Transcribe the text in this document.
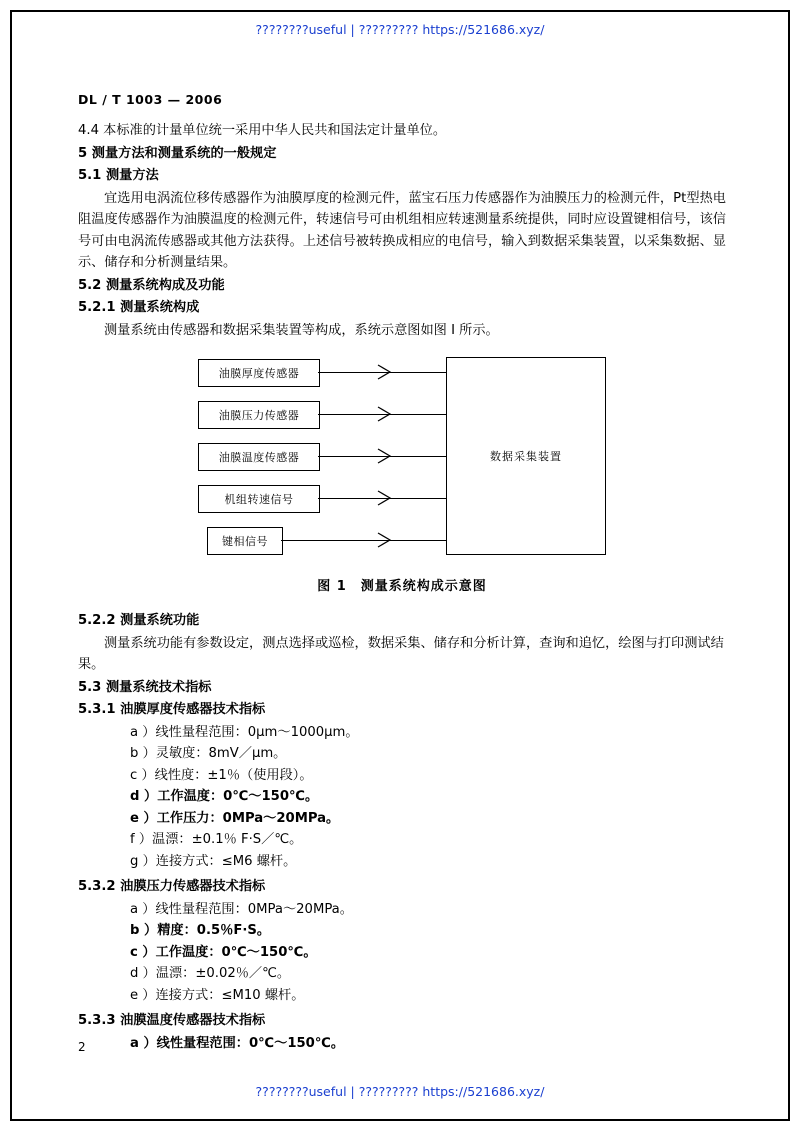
????????useful | ????????? https://521686.xyz/
DL / T 1003 — 2006
4.4 本标准的计量单位统一采用中华人民共和国法定计量单位。
5 测量方法和测量系统的一般规定
5.1 测量方法
宜选用电涡流位移传感器作为油膜厚度的检测元件，蓝宝石压力传感器作为油膜压力的检测元件，Pt型热电阻温度传感器作为油膜温度的检测元件，转速信号可由机组相应转速测量系统提供，同时应设置键相信号，该信号可由电涡流传感器或其他方法获得。上述信号被转换成相应的电信号，输入到数据采集装置，以采集数据、显示、储存和分析测量结果。
5.2 测量系统构成及功能
5.2.1 测量系统构成
测量系统由传感器和数据采集装置等构成，系统示意图如图 I 所示。
数据采集装置
油膜厚度传感器
油膜压力传感器
油膜温度传感器
机组转速信号
键相信号
图 1 测量系统构成示意图
5.2.2 测量系统功能
测量系统功能有参数设定，测点选择或巡检，数据采集、储存和分析计算，查询和追忆，绘图与打印测试结果。
5.3 测量系统技术指标
5.3.1 油膜厚度传感器技术指标
a ）线性量程范围：0μm～1000μm。
b ）灵敏度：8mV／μm。
c ）线性度：±1％（使用段）。
d ）工作温度：0℃～150℃。
e ）工作压力：0MPa～20MPa。
f ）温漂：±0.1％ F·S／℃。
g ）连接方式：≤M6 螺杆。
5.3.2 油膜压力传感器技术指标
a ）线性量程范围：0MPa～20MPa。
b ）精度：0.5％F·S。
c ）工作温度：0℃～150℃。
d ）温漂：±0.02％／℃。
e ）连接方式：≤M10 螺杆。
5.3.3 油膜温度传感器技术指标
a ）线性量程范围：0℃～150℃。
2
????????useful | ????????? https://521686.xyz/
